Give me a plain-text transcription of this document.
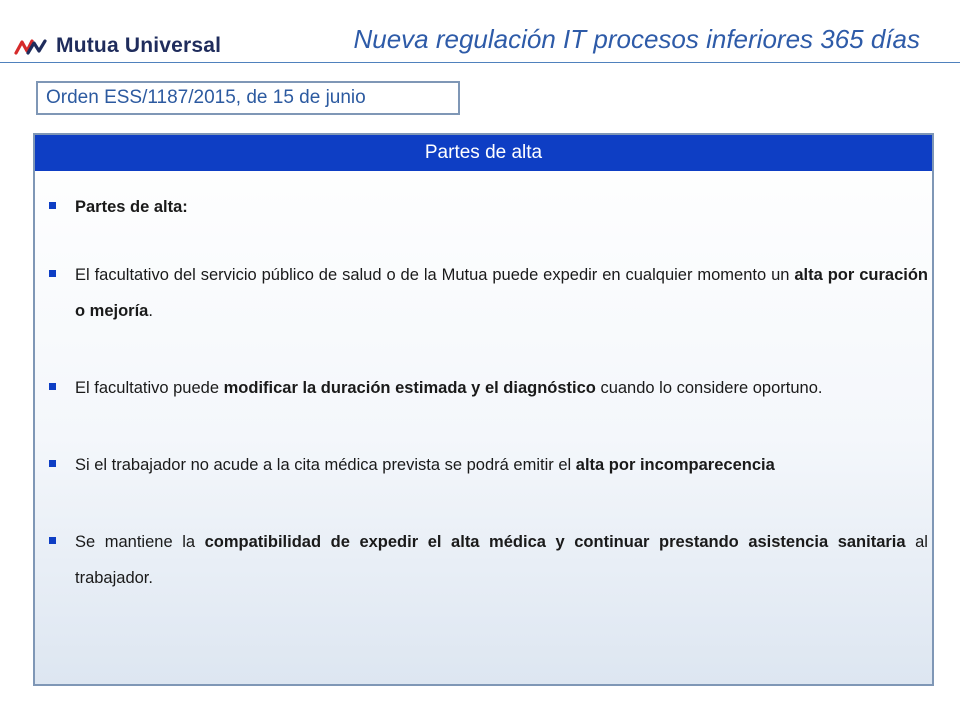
Mutua Universal	Nueva regulación IT procesos inferiores 365 días
Orden ESS/1187/2015, de 15 de junio
Partes de alta
Partes de alta:
El facultativo del servicio público de salud o de la Mutua puede expedir en cualquier momento un alta por curación o mejoría.
El facultativo puede modificar la duración estimada y el diagnóstico cuando lo considere oportuno.
Si el trabajador no acude a la cita médica prevista se podrá emitir el alta por incomparecencia
Se mantiene la compatibilidad de expedir el alta médica y continuar prestando asistencia sanitaria al trabajador.
